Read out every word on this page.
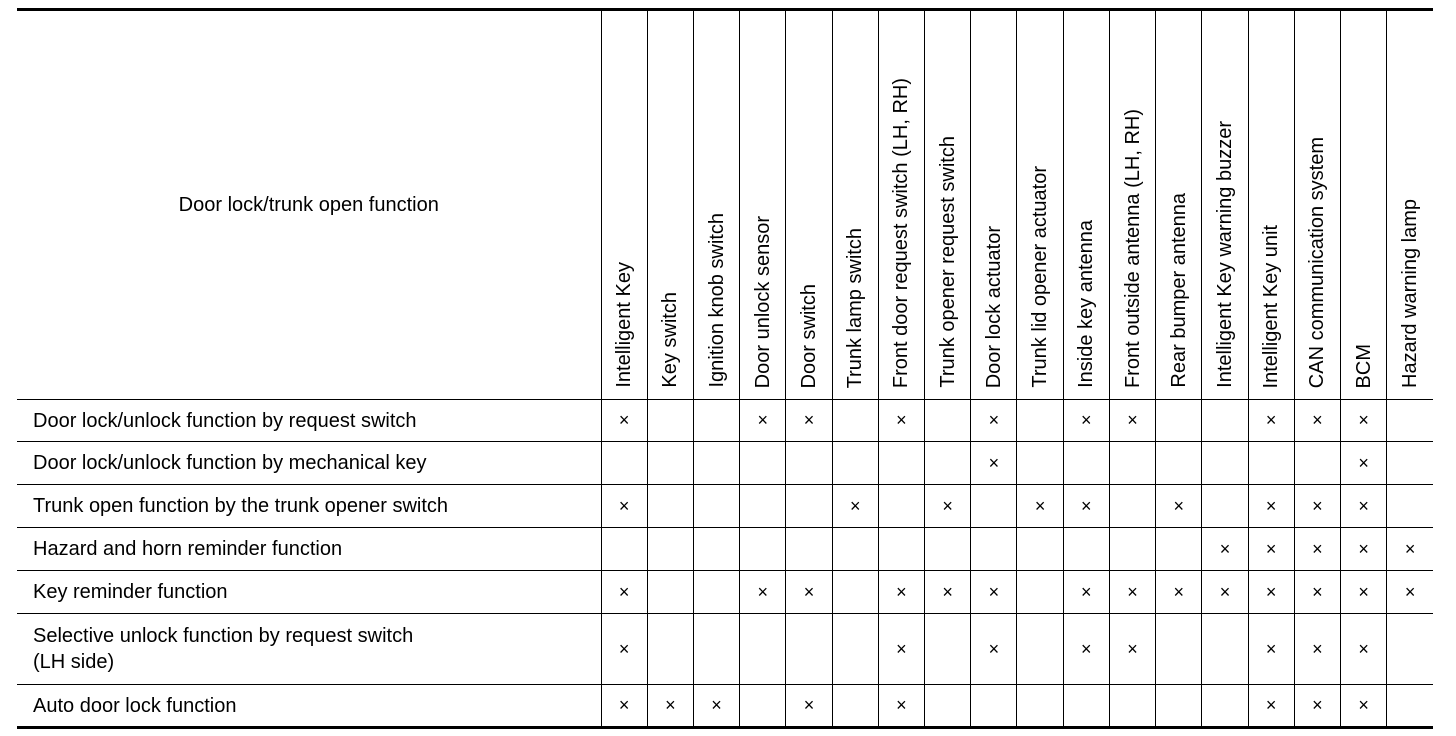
Door lock/trunk open function	Intelligent Key	Key switch	Ignition knob switch	Door unlock sensor	Door switch	Trunk lamp switch	Front door request switch (LH, RH)	Trunk opener request switch	Door lock actuator	Trunk lid opener actuator	Inside key antenna	Front outside antenna (LH, RH)	Rear bumper antenna	Intelligent Key warning buzzer	Intelligent Key unit	CAN communication system	BCM	Hazard warning lamp
Door lock/unlock function by request switch	×			×	×		×		×		×	×			×	×	×	
Door lock/unlock function by mechanical key									×								×	
Trunk open function by the trunk opener switch	×					×		×		×	×		×		×	×	×	
Hazard and horn reminder function														×	×	×	×	×
Key reminder function	×			×	×		×	×	×		×	×	×	×	×	×	×	×
Selective unlock function by request switch
(LH side)	×						×		×		×	×			×	×	×	
Auto door lock function	×	×	×		×		×								×	×	×	
